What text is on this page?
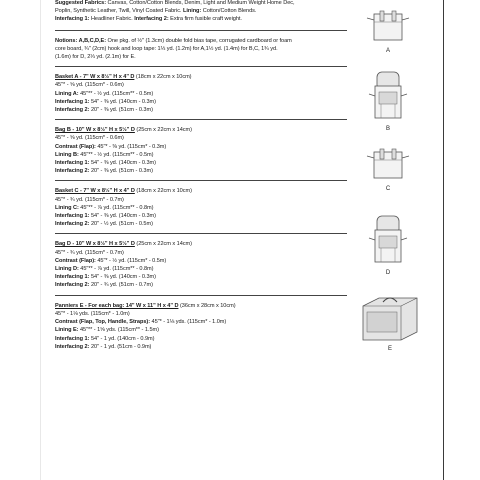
Suggested Fabrics: Canvas, Cotton/Cotton Blends, Denim, Light and Medium Weight Home Dec,

Poplin, Synthetic Leather, Twill, Vinyl Coated Fabric. Lining: Cotton/Cotton Blends.

Interfacing 1: Headliner Fabric. Interfacing 2: Extra firm fusible craft weight.

Notions: A,B,C,D,E: One pkg. of ½" (1.3cm) double fold bias tape, corrugated cardboard or foam

core board, ¾" (2cm) hook and loop tape: 1⅓ yd. (1.2m) for A,1½ yd. (1.4m) for B,C, 1¾ yd.

(1.6m) for D, 2⅓ yd. (2.1m) for E.

Basket A - 7" W x 8½" H x 4" D (18cm x 22cm x 10cm)

45"* - ⅝ yd. (115cm* - 0.6m)

Lining A: 45"** - ½ yd. (115cm** - 0.5m)

Interfacing 1: 54" - ⅜ yd. (140cm - 0.3m)

Interfacing 2: 20" - ⅜ yd. (51cm - 0.3m)

Bag B - 10" W x 8½" H x 5½" D (25cm x 22cm x 14cm)

45"* - ⅝ yd. (115cm* - 0.6m)

Contrast (Flap): 45"* - ⅜ yd. (115cm* - 0.3m)

Lining B: 45"** - ½ yd. (115cm** - 0.5m)

Interfacing 1: 54" - ⅜ yd. (140cm - 0.3m)

Interfacing 2: 20" - ⅜ yd. (51cm - 0.3m)

Basket C - 7" W x 8½" H x 4" D (18cm x 22cm x 10cm)

45"* - ¾ yd. (115cm* - 0.7m)

Lining C: 45"** - ⅞ yd. (115cm** - 0.8m)

Interfacing 1: 54" - ⅜ yd. (140cm - 0.3m)

Interfacing 2: 20" - ½ yd. (51cm - 0.5m)

Bag D - 10" W x 8½" H x 5½" D (25cm x 22cm x 14cm)

45"* - ¾ yd. (115cm* - 0.7m)

Contrast (Flap): 45"* - ½ yd. (115cm* - 0.5m)

Lining D: 45"** - ⅞ yd. (115cm** - 0.8m)

Interfacing 1: 54" - ⅜ yd. (140cm - 0.3m)

Interfacing 2: 20" - ¾ yd. (51cm - 0.7m)

Panniers E - For each bag: 14" W x 11" H x 4" D (36cm x 28cm x 10cm)

45"* - 1⅛ yds. (115cm* - 1.0m)

Contrast (Flap, Top, Handle, Straps): 45"* - 1⅛ yds. (115cm* - 1.0m)

Lining E: 45"** - 1⅝ yds. (115cm** - 1.5m)

Interfacing 1: 54" - 1 yd. (140cm - 0.9m)

Interfacing 2: 20" - 1 yd. (51cm - 0.9m)

A
B
C
D
E
